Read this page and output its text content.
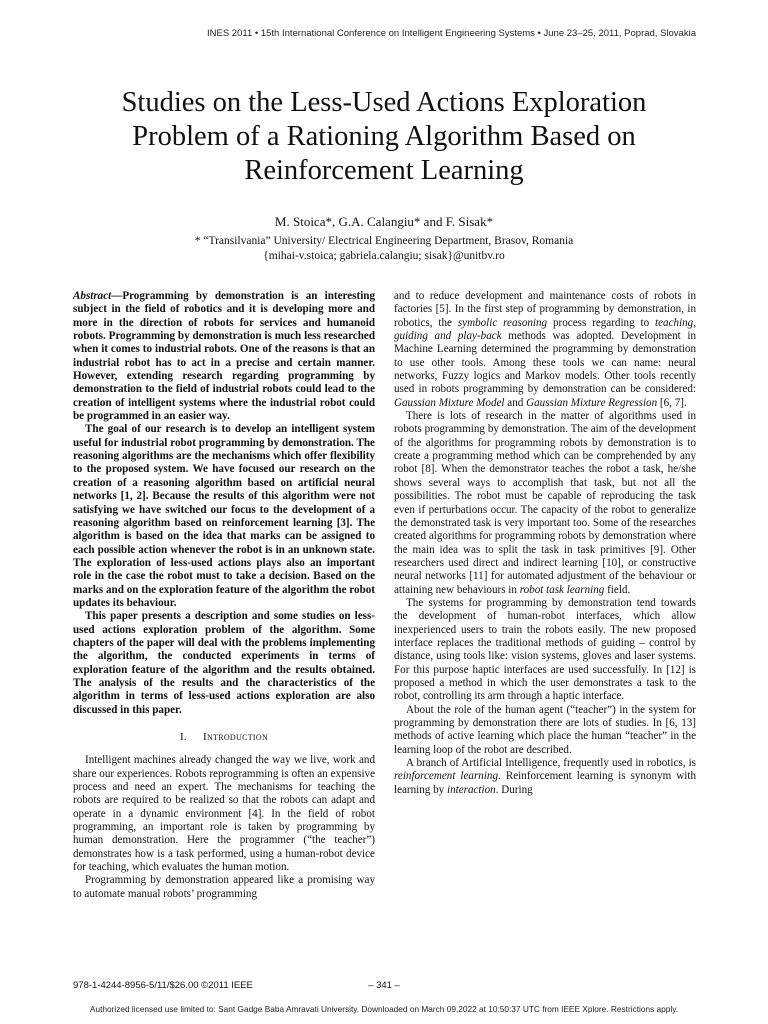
INES 2011 • 15th International Conference on Intelligent Engineering Systems • June 23–25, 2011, Poprad, Slovakia
Studies on the Less-Used Actions Exploration
Problem of a Rationing Algorithm Based on
Reinforcement Learning
M. Stoica*, G.A. Calangiu* and F. Sisak*
* “Transilvania” University/ Electrical Engineering Department, Brasov, Romania
{mihai-v.stoica; gabriela.calangiu; sisak}@unitbv.ro

Abstract—Programming by demonstration is an interesting subject in the field of robotics and it is developing more and more in the direction of robots for services and humanoid robots. Programming by demonstration is much less researched when it comes to industrial robots. One of the reasons is that an industrial robot has to act in a precise and certain manner. However, extending research regarding programming by demonstration to the field of industrial robots could lead to the creation of intelligent systems where the industrial robot could be programmed in an easier way.

The goal of our research is to develop an intelligent system useful for industrial robot programming by demonstration. The reasoning algorithms are the mechanisms which offer flexibility to the proposed system. We have focused our research on the creation of a reasoning algorithm based on artificial neural networks [1, 2]. Because the results of this algorithm were not satisfying we have switched our focus to the development of a reasoning algorithm based on reinforcement learning [3]. The algorithm is based on the idea that marks can be assigned to each possible action whenever the robot is in an unknown state. The exploration of less-used actions plays also an important role in the case the robot must to take a decision. Based on the marks and on the exploration feature of the algorithm the robot updates its behaviour.

This paper presents a description and some studies on less-used actions exploration problem of the algorithm. Some chapters of the paper will deal with the problems implementing the algorithm, the conducted experiments in terms of exploration feature of the algorithm and the results obtained. The analysis of the results and the characteristics of the algorithm in terms of less-used actions exploration are also discussed in this paper.

I. Introduction

Intelligent machines already changed the way we live, work and share our experiences. Robots reprogramming is often an expensive process and need an expert. The mechanisms for teaching the robots are required to be realized so that the robots can adapt and operate in a dynamic environment [4]. In the field of robot programming, an important role is taken by programming by human demonstration. Here the programmer (“the teacher”) demonstrates how is a task performed, using a human-robot device for teaching, which evaluates the human motion.

Programming by demonstration appeared like a promising way to automate manual robots’ programming

and to reduce development and maintenance costs of robots in factories [5]. In the first step of programming by demonstration, in robotics, the symbolic reasoning process regarding to teaching, guiding and play-back methods was adopted. Development in Machine Learning determined the programming by demonstration to use other tools. Among these tools we can name: neural networks, Fuzzy logics and Markov models. Other tools recently used in robots programming by demonstration can be considered: Gaussian Mixture Model and Gaussian Mixture Regression [6, 7].

There is lots of research in the matter of algorithms used in robots programming by demonstration. The aim of the development of the algorithms for programming robots by demonstration is to create a programming method which can be comprehended by any robot [8]. When the demonstrator teaches the robot a task, he/she shows several ways to accomplish that task, but not all the possibilities. The robot must be capable of reproducing the task even if perturbations occur. The capacity of the robot to generalize the demonstrated task is very important too. Some of the researches created algorithms for programming robots by demonstration where the main idea was to split the task in task primitives [9]. Other researchers used direct and indirect learning [10], or constructive neural networks [11] for automated adjustment of the behaviour or attaining new behaviours in robot task learning field.

The systems for programming by demonstration tend towards the development of human-robot interfaces, which allow inexperienced users to train the robots easily. The new proposed interface replaces the traditional methods of guiding – control by distance, using tools like: vision systems, gloves and laser systems. For this purpose haptic interfaces are used successfully. In [12] is proposed a method in which the user demonstrates a task to the robot, controlling its arm through a haptic interface.

About the role of the human agent (“teacher”) in the system for programming by demonstration there are lots of studies. In [6, 13] methods of active learning which place the human “teacher” in the learning loop of the robot are described.

A branch of Artificial Intelligence, frequently used in robotics, is reinforcement learning. Reinforcement learning is synonym with learning by interaction. During

978-1-4244-8956-5/11/$26.00 ©2011 IEEE	– 341 –
Authorized licensed use limited to: Sant Gadge Baba Amravati University. Downloaded on March 09,2022 at 10:50:37 UTC from IEEE Xplore. Restrictions apply.
